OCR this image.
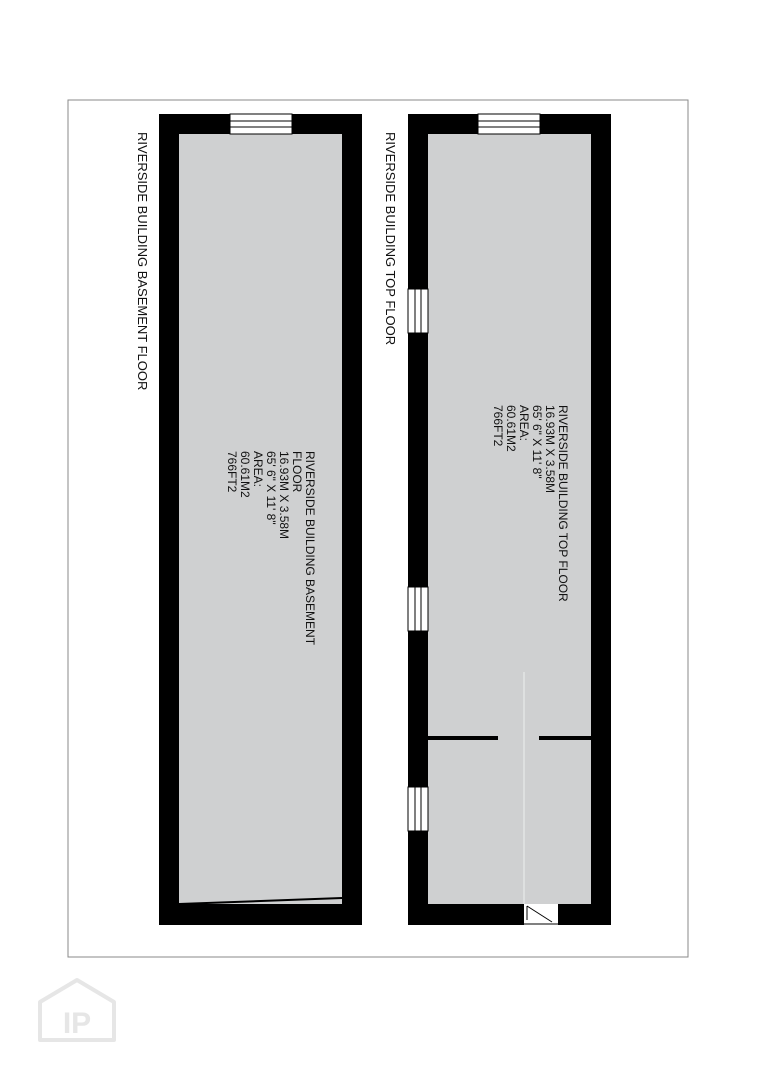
RIVERSIDE BUILDING BASEMENT FLOOR	RIVERSIDE BUILDING TOP FLOOR
RIVERSIDE BUILDING BASEMENT
FLOOR
16.93M X 3.58M
65' 6" X 11' 8"
AREA:
60.61M2
766FT2	RIVERSIDE BUILDING TOP FLOOR
16.93M X 3.58M
65' 6" X 11' 8"
AREA:
60.61M2
766FT2
IP
